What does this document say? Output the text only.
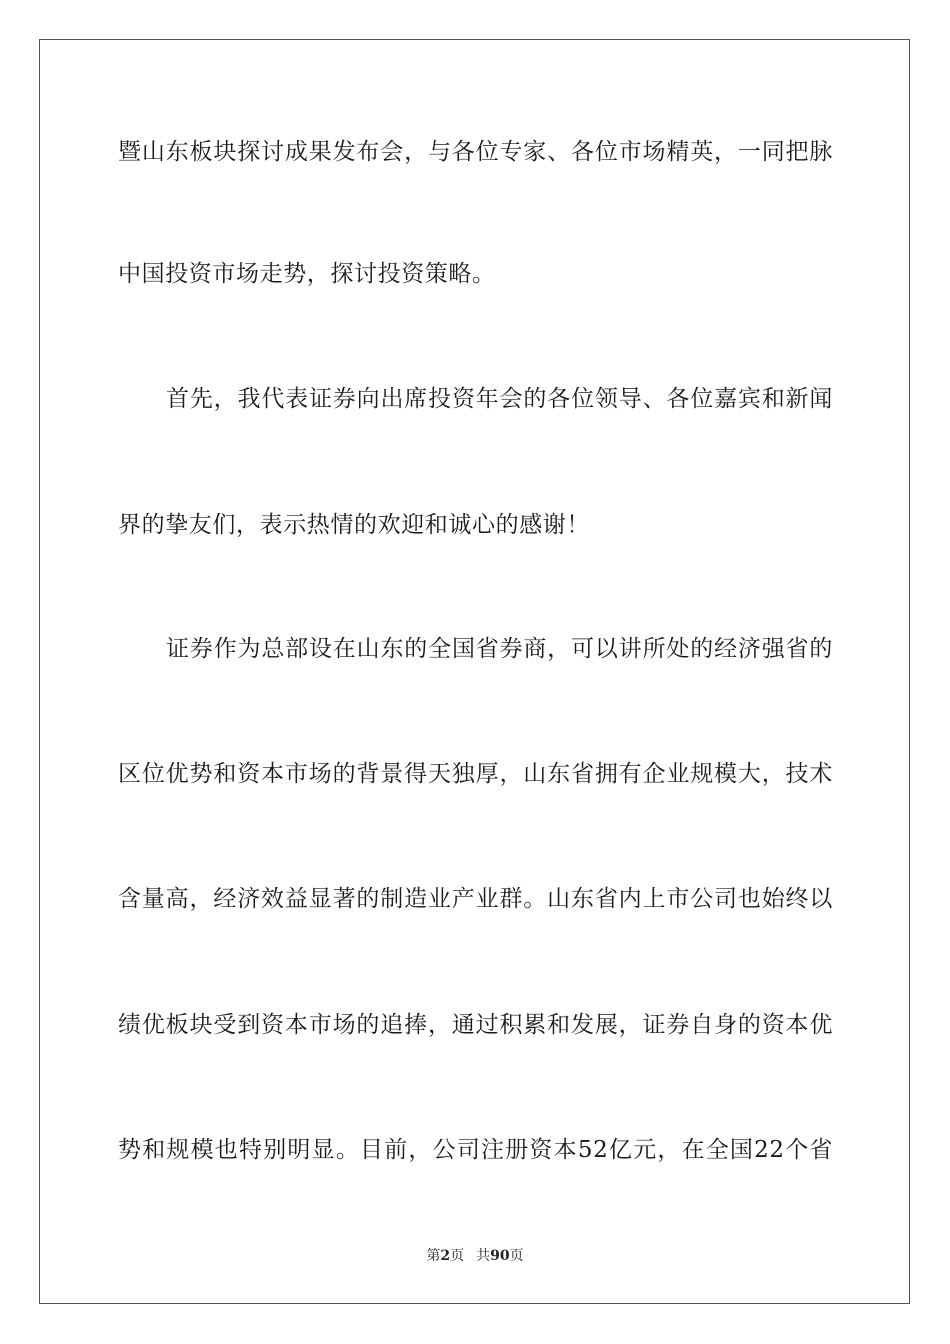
暨山东板块探讨成果发布会，与各位专家、各位市场精英，一同把脉
中国投资市场走势，探讨投资策略。
首先，我代表证券向出席投资年会的各位领导、各位嘉宾和新闻
界的挚友们，表示热情的欢迎和诚心的感谢！
证券作为总部设在山东的全国省券商，可以讲所处的经济强省的
区位优势和资本市场的背景得天独厚，山东省拥有企业规模大，技术
含量高，经济效益显著的制造业产业群。山东省内上市公司也始终以
绩优板块受到资本市场的追捧，通过积累和发展，证券自身的资本优
势和规模也特别明显。目前，公司注册资本52亿元，在全国22个省
第2页 共90页
